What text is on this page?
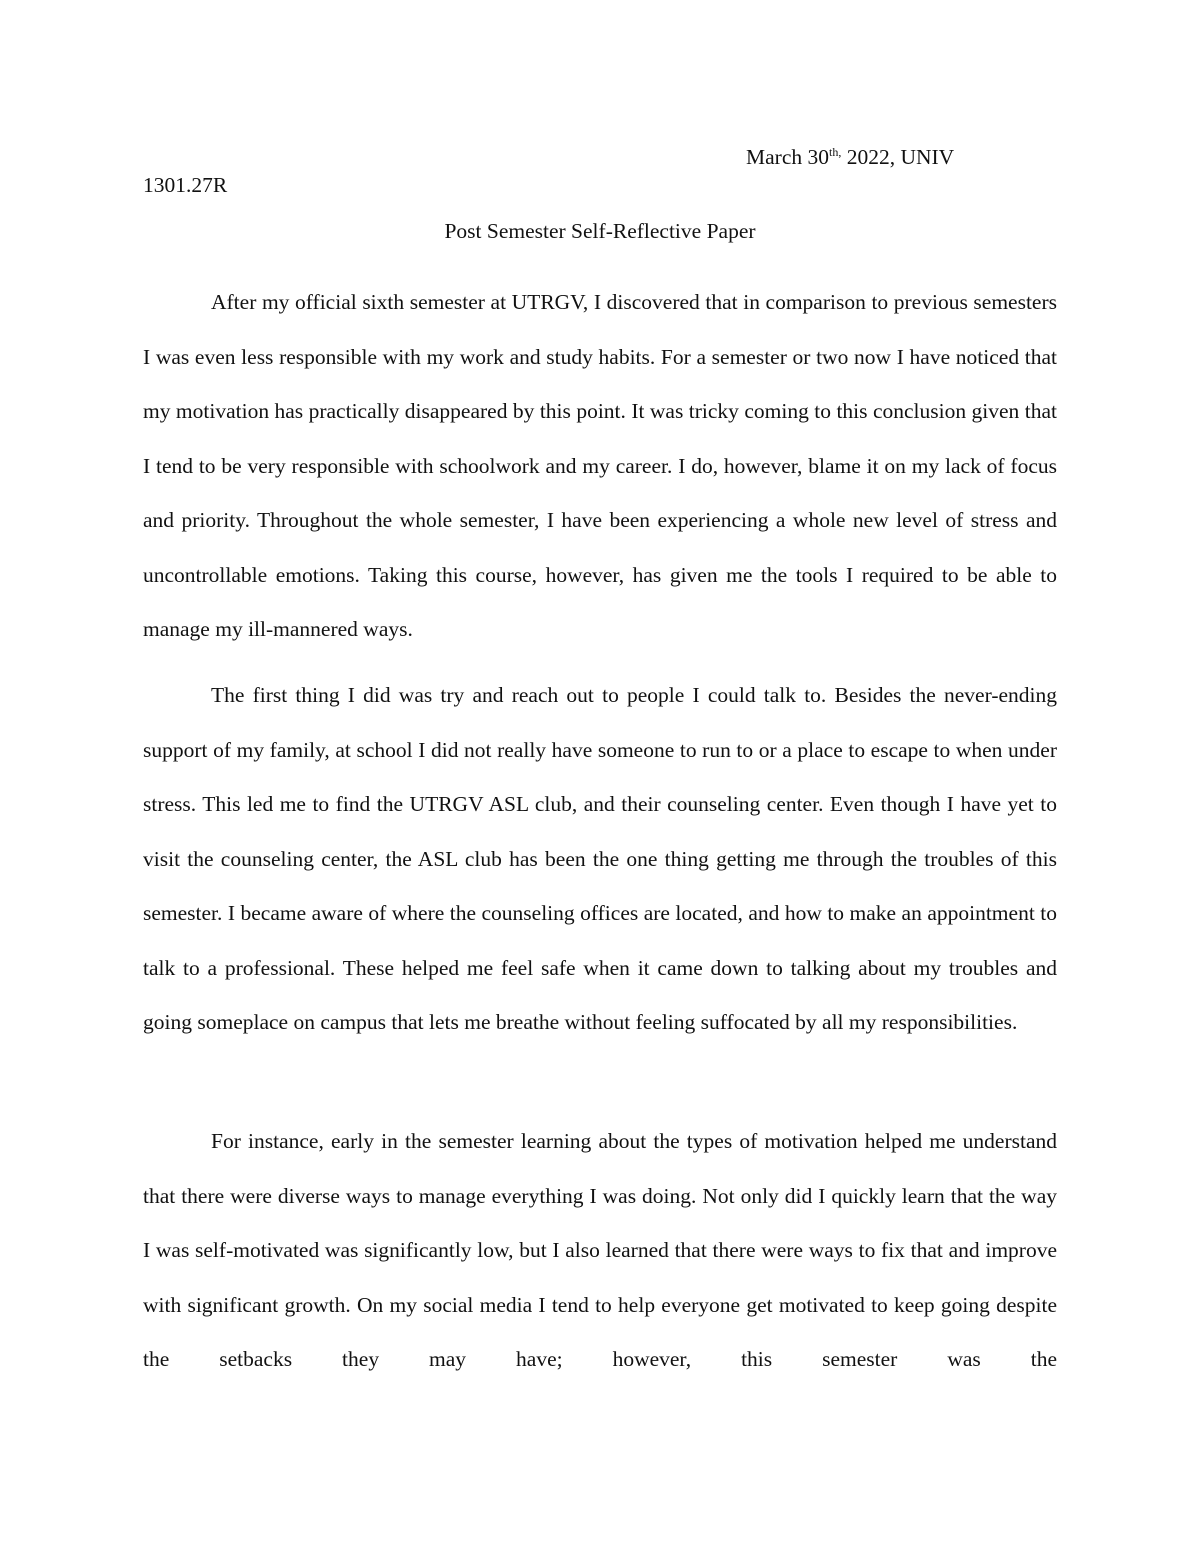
March $30^{th,}$ 2022, UNIV
1301.27R
Post Semester Self-Reflective Paper

After my official sixth semester at UTRGV, I discovered that in comparison to previous semesters I was even less responsible with my work and study habits. For a semester or two now I have noticed that my motivation has practically disappeared by this point. It was tricky coming to this conclusion given that I tend to be very responsible with schoolwork and my career. I do, however, blame it on my lack of focus and priority. Throughout the whole semester, I have been experiencing a whole new level of stress and uncontrollable emotions. Taking this course, however, has given me the tools I required to be able to manage my ill-mannered ways.

The first thing I did was try and reach out to people I could talk to. Besides the never-ending support of my family, at school I did not really have someone to run to or a place to escape to when under stress. This led me to find the UTRGV ASL club, and their counseling center. Even though I have yet to visit the counseling center, the ASL club has been the one thing getting me through the troubles of this semester. I became aware of where the counseling offices are located, and how to make an appointment to talk to a professional. These helped me feel safe when it came down to talking about my troubles and going someplace on campus that lets me breathe without feeling suffocated by all my responsibilities.

For instance, early in the semester learning about the types of motivation helped me understand that there were diverse ways to manage everything I was doing. Not only did I quickly learn that the way I was self-motivated was significantly low, but I also learned that there were ways to fix that and improve with significant growth. On my social media I tend to help everyone get motivated to keep going despite the setbacks they may have; however, this semester was the
